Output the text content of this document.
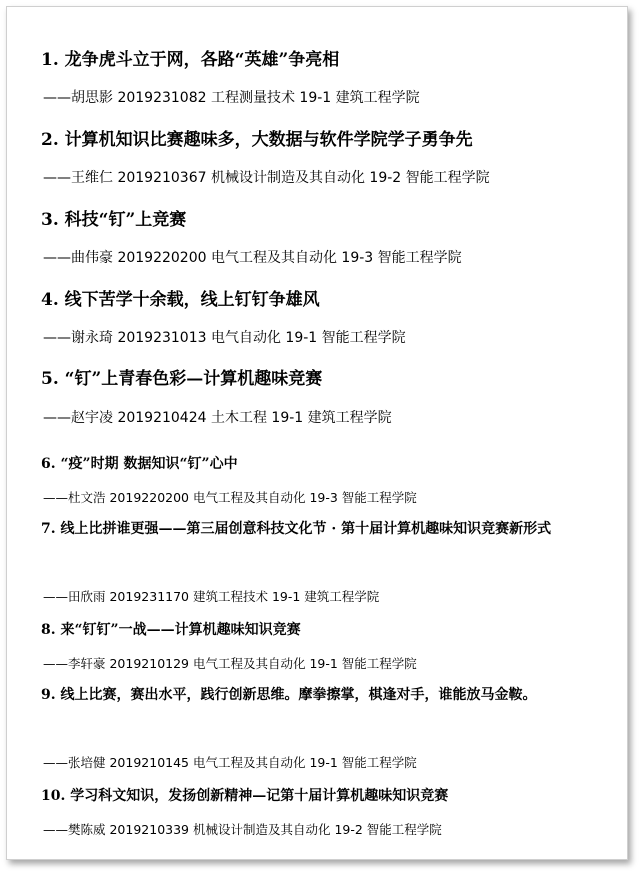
1. 龙争虎斗立于网，各路“英雄”争亮相
——胡思影 2019231082 工程测量技术 19-1 建筑工程学院
2. 计算机知识比赛趣味多，大数据与软件学院学子勇争先
——王维仁 2019210367 机械设计制造及其自动化 19-2 智能工程学院
3. 科技“钉”上竞赛
——曲伟豪 2019220200 电气工程及其自动化 19-3 智能工程学院
4. 线下苦学十余载，线上钉钉争雄风
——谢永琦 2019231013 电气自动化 19-1 智能工程学院
5. “钉”上青春色彩—计算机趣味竞赛
——赵宇凌 2019210424 土木工程 19-1 建筑工程学院
6. “疫”时期 数据知识“钉”心中
——杜文浩 2019220200 电气工程及其自动化 19-3 智能工程学院
7. 线上比拼谁更强——第三届创意科技文化节 · 第十届计算机趣味知识竞赛新形式
——田欣雨 2019231170 建筑工程技术 19-1 建筑工程学院
8. 来“钉钉”一战——计算机趣味知识竞赛
——李轩豪 2019210129 电气工程及其自动化 19-1 智能工程学院
9. 线上比赛，赛出水平，践行创新思维。摩拳擦掌，棋逢对手，谁能放马金鞍。
——张培健 2019210145 电气工程及其自动化 19-1 智能工程学院
10. 学习科文知识，发扬创新精神—记第十届计算机趣味知识竞赛
——樊陈威 2019210339 机械设计制造及其自动化 19-2 智能工程学院
